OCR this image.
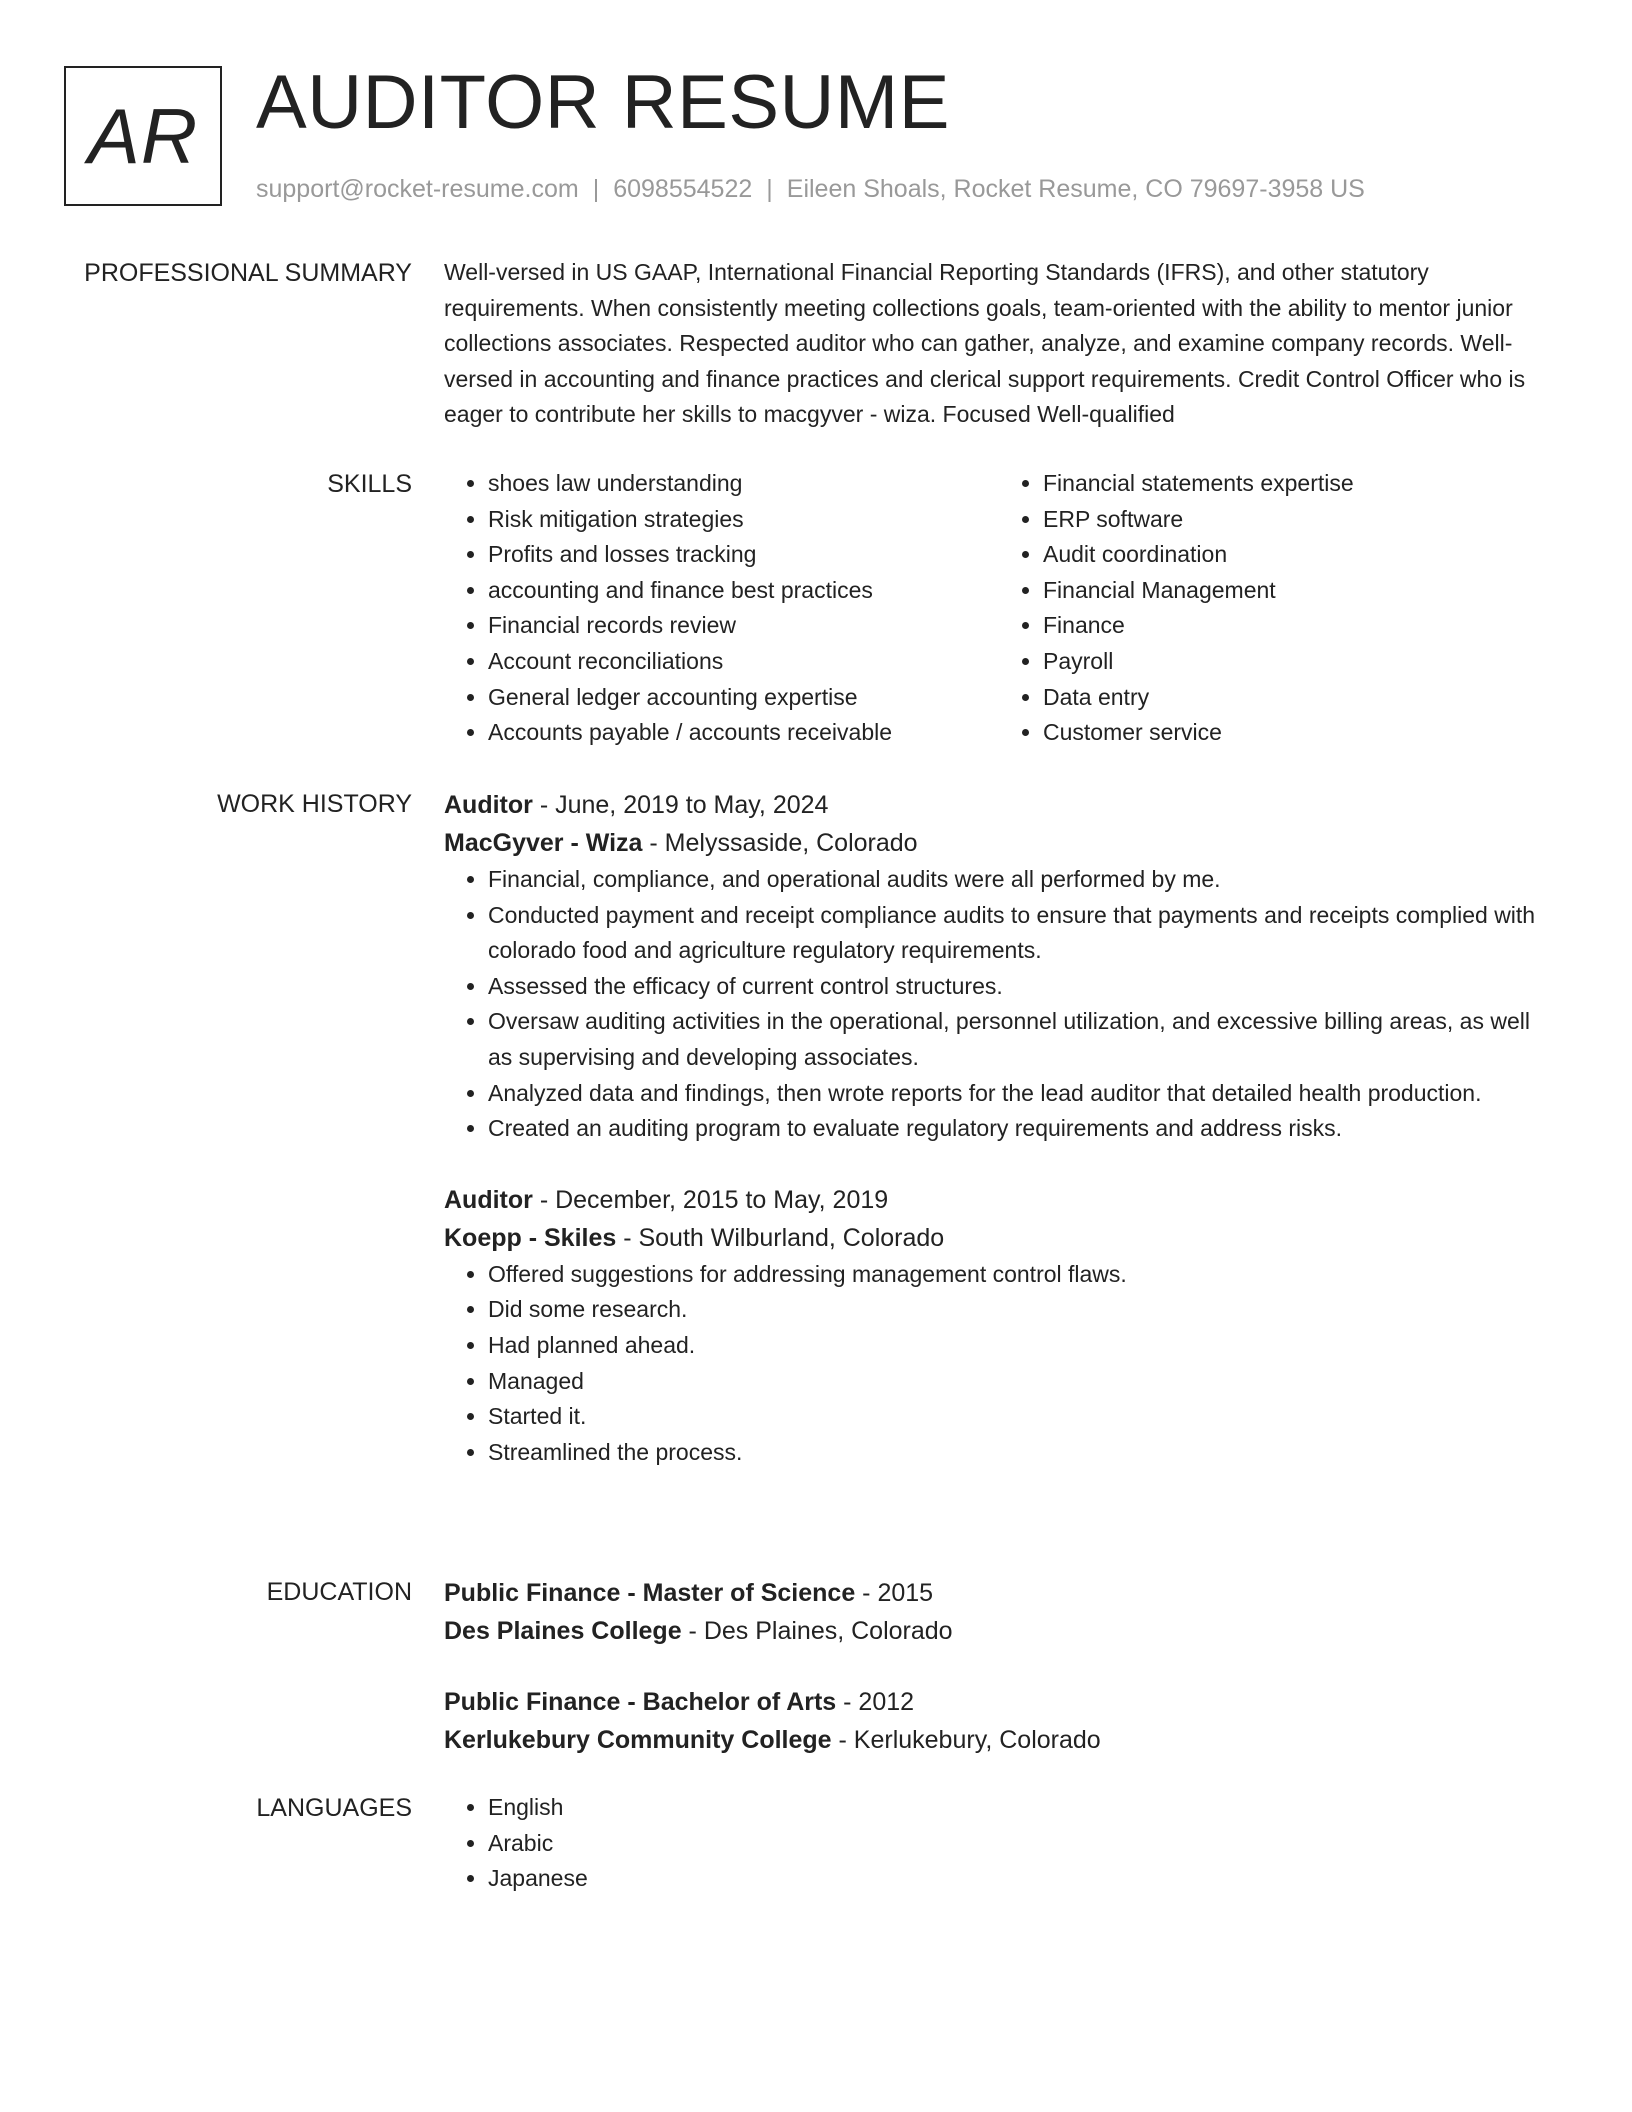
AR AUDITOR RESUME
support@rocket-resume.com | 6098554522 | Eileen Shoals, Rocket Resume, CO 79697-3958 US
PROFESSIONAL SUMMARY Well-versed in US GAAP, International Financial Reporting Standards (IFRS), and other statutory requirements. When consistently meeting collections goals, team-oriented with the ability to mentor junior collections associates. Respected auditor who can gather, analyze, and examine company records. Well-versed in accounting and finance practices and clerical support requirements. Credit Control Officer who is eager to contribute her skills to macgyver - wiza. Focused Well-qualified

SKILLS	• shoes law understanding
• Risk mitigation strategies
• Profits and losses tracking
• accounting and finance best practices
• Financial records review
• Account reconciliations
• General ledger accounting expertise
• Accounts payable / accounts receivable
• Financial statements expertise
• ERP software
• Audit coordination
• Financial Management
• Finance
• Payroll
• Data entry
• Customer service
WORK HISTORY Auditor - June, 2019 to May, 2024
MacGyver - Wiza - Melyssaside, Colorado
• Financial, compliance, and operational audits were all performed by me.
• Conducted payment and receipt compliance audits to ensure that payments and receipts complied with colorado food and agriculture regulatory requirements.
• Assessed the efficacy of current control structures.
• Oversaw auditing activities in the operational, personnel utilization, and excessive billing areas, as well as supervising and developing associates.
• Analyzed data and findings, then wrote reports for the lead auditor that detailed health production.
• Created an auditing program to evaluate regulatory requirements and address risks.
Auditor - December, 2015 to May, 2019
Koepp - Skiles - South Wilburland, Colorado
• Offered suggestions for addressing management control flaws.
• Did some research.
• Had planned ahead.
• Managed
• Started it.
• Streamlined the process.
EDUCATION Public Finance - Master of Science - 2015
Des Plaines College - Des Plaines, Colorado
Public Finance - Bachelor of Arts - 2012
Kerlukebury Community College - Kerlukebury, Colorado
LANGUAGES	• English
• Arabic
• Japanese
